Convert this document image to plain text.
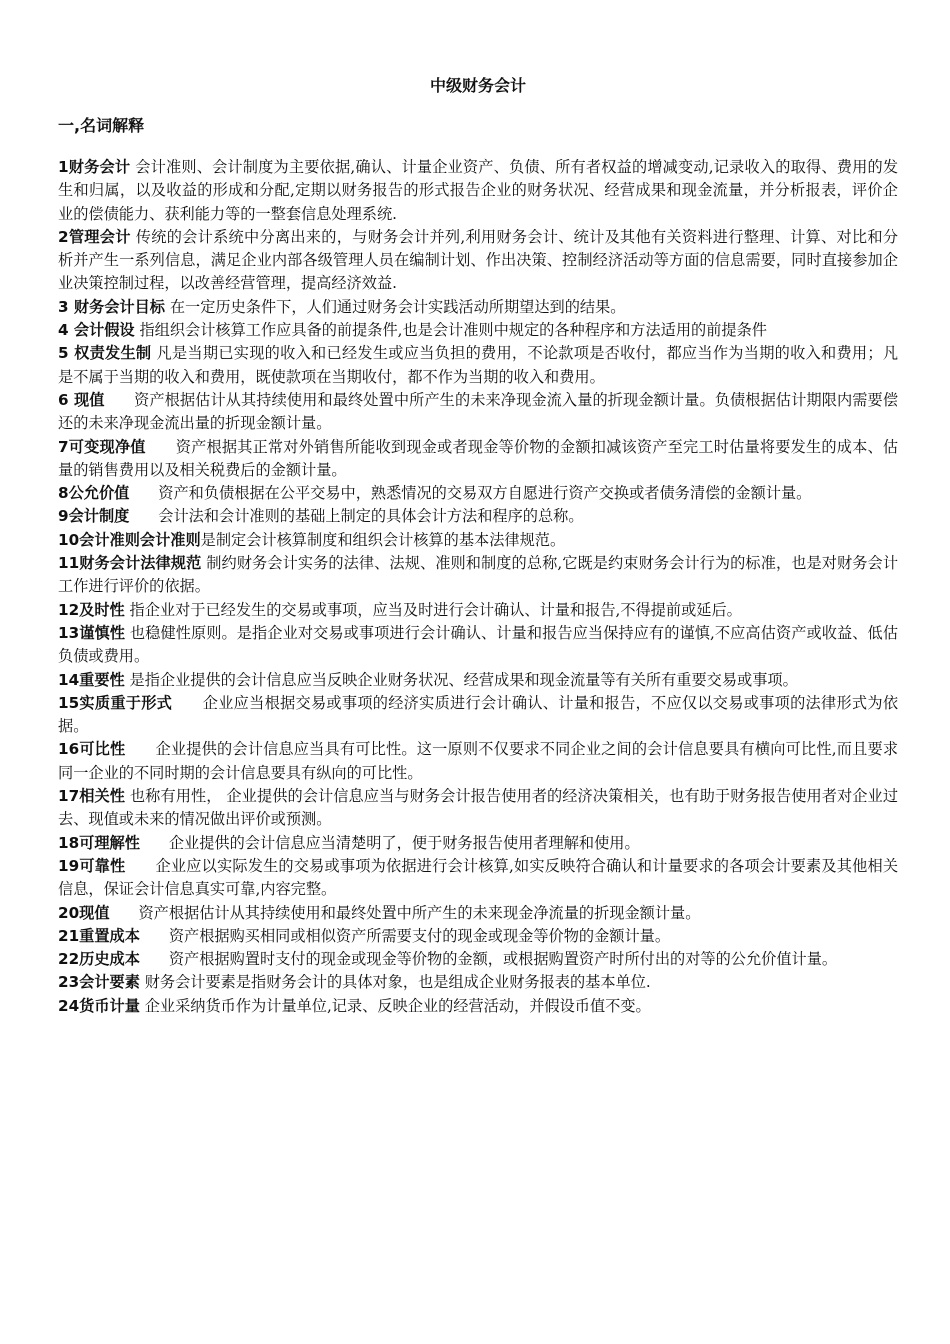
中级财务会计
一,名词解释

1财务会计 会计准则、会计制度为主要依据,确认、计量企业资产、负债、所有者权益的增减变动,记录收入的取得、费用的发生和归属，以及收益的形成和分配,定期以财务报告的形式报告企业的财务状况、经营成果和现金流量，并分析报表，评价企业的偿债能力、获利能力等的一整套信息处理系统.

2管理会计 传统的会计系统中分离出来的，与财务会计并列,利用财务会计、统计及其他有关资料进行整理、计算、对比和分析并产生一系列信息，满足企业内部各级管理人员在编制计划、作出决策、控制经济活动等方面的信息需要，同时直接参加企业决策控制过程，以改善经营管理，提高经济效益.

3 财务会计目标 在一定历史条件下，人们通过财务会计实践活动所期望达到的结果。

4 会计假设 指组织会计核算工作应具备的前提条件,也是会计准则中规定的各种程序和方法适用的前提条件

5 权责发生制 凡是当期已实现的收入和已经发生或应当负担的费用，不论款项是否收付，都应当作为当期的收入和费用；凡是不属于当期的收入和费用，既使款项在当期收付，都不作为当期的收入和费用。

6 现值 资产根据估计从其持续使用和最终处置中所产生的未来净现金流入量的折现金额计量。负债根据估计期限内需要偿还的未来净现金流出量的折现金额计量。

7可变现净值 资产根据其正常对外销售所能收到现金或者现金等价物的金额扣减该资产至完工时估量将要发生的成本、估量的销售费用以及相关税费后的金额计量。

8公允价值 资产和负债根据在公平交易中，熟悉情况的交易双方自愿进行资产交换或者债务清偿的金额计量。

9会计制度 会计法和会计准则的基础上制定的具体会计方法和程序的总称。

10会计准则会计准则是制定会计核算制度和组织会计核算的基本法律规范。

11财务会计法律规范 制约财务会计实务的法律、法规、准则和制度的总称,它既是约束财务会计行为的标准，也是对财务会计工作进行评价的依据。

12及时性 指企业对于已经发生的交易或事项，应当及时进行会计确认、计量和报告,不得提前或延后。

13谨慎性 也稳健性原则。是指企业对交易或事项进行会计确认、计量和报告应当保持应有的谨慎,不应高估资产或收益、低估负债或费用。

14重要性 是指企业提供的会计信息应当反映企业财务状况、经营成果和现金流量等有关所有重要交易或事项。

15实质重于形式 企业应当根据交易或事项的经济实质进行会计确认、计量和报告，不应仅以交易或事项的法律形式为依据。

16可比性 企业提供的会计信息应当具有可比性。这一原则不仅要求不同企业之间的会计信息要具有横向可比性,而且要求同一企业的不同时期的会计信息要具有纵向的可比性。

17相关性 也称有用性， 企业提供的会计信息应当与财务会计报告使用者的经济决策相关，也有助于财务报告使用者对企业过去、现值或未来的情况做出评价或预测。

18可理解性 企业提供的会计信息应当清楚明了，便于财务报告使用者理解和使用。

19可靠性 企业应以实际发生的交易或事项为依据进行会计核算,如实反映符合确认和计量要求的各项会计要素及其他相关信息，保证会计信息真实可靠,内容完整。

20现值 资产根据估计从其持续使用和最终处置中所产生的未来现金净流量的折现金额计量。

21重置成本 资产根据购买相同或相似资产所需要支付的现金或现金等价物的金额计量。

22历史成本 资产根据购置时支付的现金或现金等价物的金额，或根据购置资产时所付出的对等的公允价值计量。

23会计要素 财务会计要素是指财务会计的具体对象，也是组成企业财务报表的基本单位.

24货币计量 企业采纳货币作为计量单位,记录、反映企业的经营活动，并假设币值不变。
